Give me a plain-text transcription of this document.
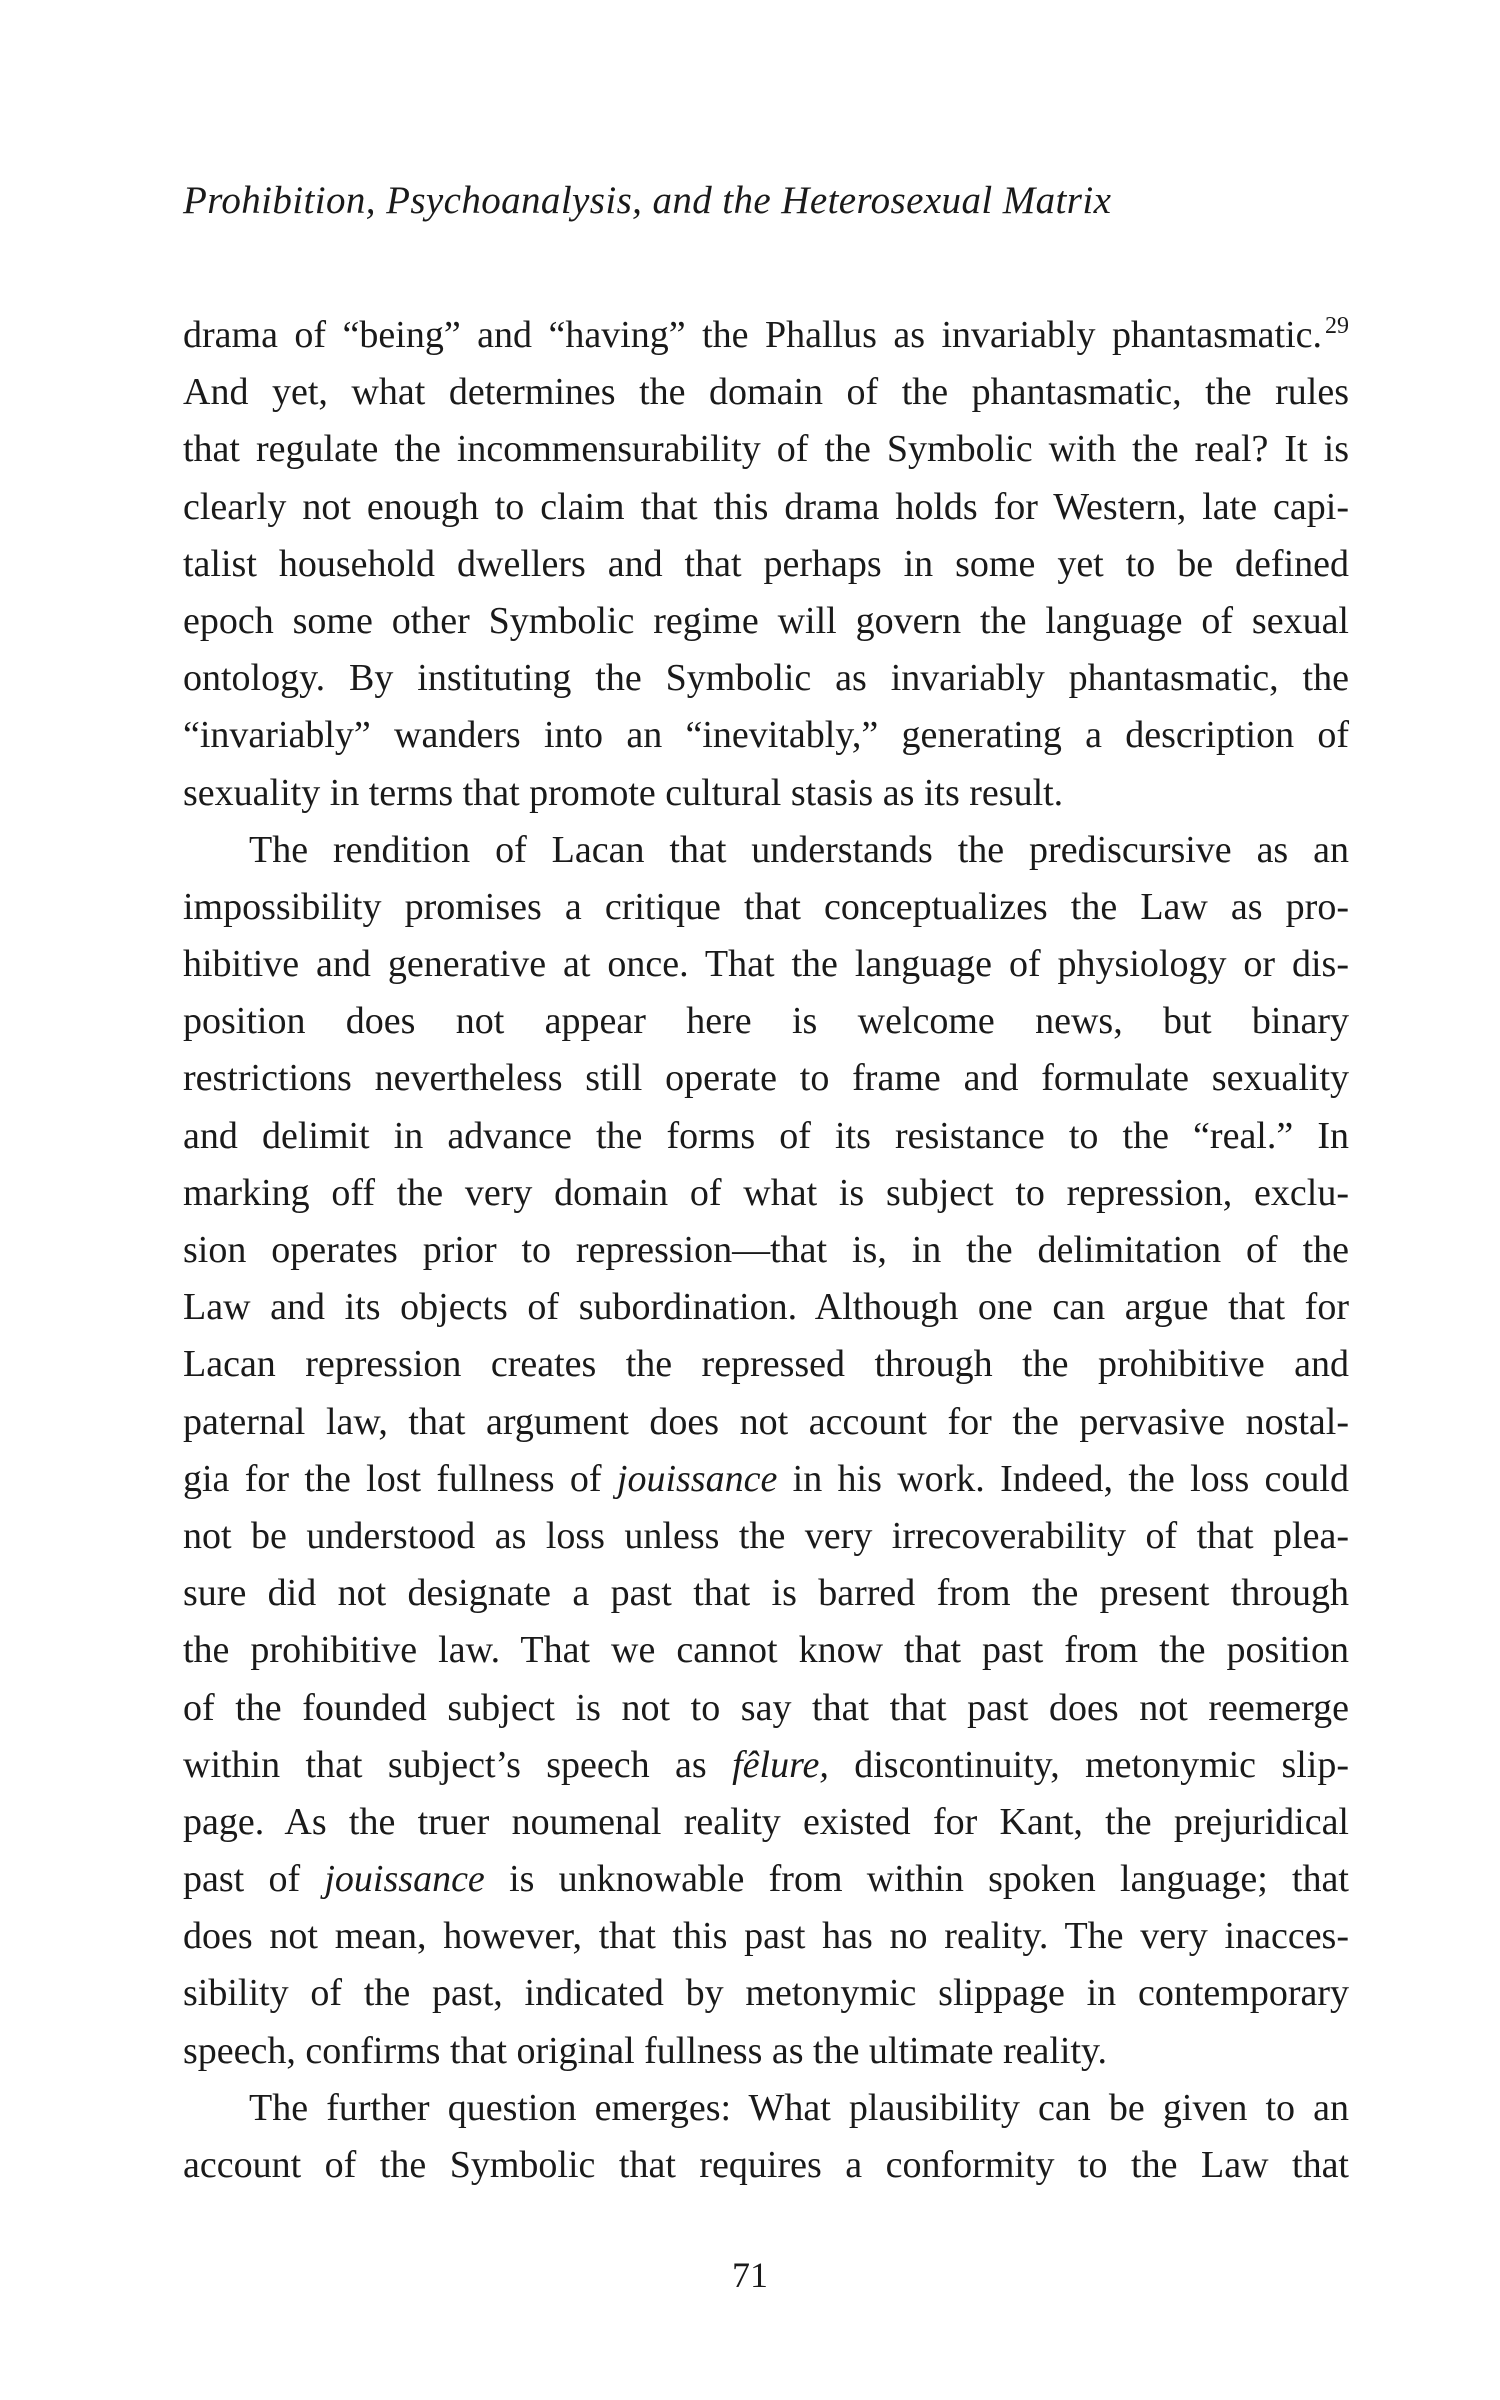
Prohibition, Psychoanalysis, and the Heterosexual Matrix
drama of “being” and “having” the Phallus as invariably phantasmatic. $^{29}$
And yet, what determines the domain of the phantasmatic, the rules
that regulate the incommensurability of the Symbolic with the real? It is
clearly not enough to claim that this drama holds for Western, late capi-
talist household dwellers and that perhaps in some yet to be defined
epoch some other Symbolic regime will govern the language of sexual
ontology. By instituting the Symbolic as invariably phantasmatic, the
“invariably” wanders into an “inevitably,” generating a description of
sexuality in terms that promote cultural stasis as its result.
The rendition of Lacan that understands the prediscursive as an
impossibility promises a critique that conceptualizes the Law as pro-
hibitive and generative at once. That the language of physiology or dis-
position does not appear here is welcome news, but binary
restrictions nevertheless still operate to frame and formulate sexuality
and delimit in advance the forms of its resistance to the “real.” In
marking off the very domain of what is subject to repression, exclu-
sion operates prior to repression—that is, in the delimitation of the
Law and its objects of subordination. Although one can argue that for
Lacan repression creates the repressed through the prohibitive and
paternal law, that argument does not account for the pervasive nostal-
gia for the lost fullness of jouissance in his work. Indeed, the loss could
not be understood as loss unless the very irrecoverability of that plea-
sure did not designate a past that is barred from the present through
the prohibitive law. That we cannot know that past from the position
of the founded subject is not to say that that past does not reemerge
within that subject’s speech as fêlure, discontinuity, metonymic slip-
page. As the truer noumenal reality existed for Kant, the prejuridical
past of jouissance is unknowable from within spoken language; that
does not mean, however, that this past has no reality. The very inacces-
sibility of the past, indicated by metonymic slippage in contemporary
speech, confirms that original fullness as the ultimate reality.
The further question emerges: What plausibility can be given to an
account of the Symbolic that requires a conformity to the Law that
71
